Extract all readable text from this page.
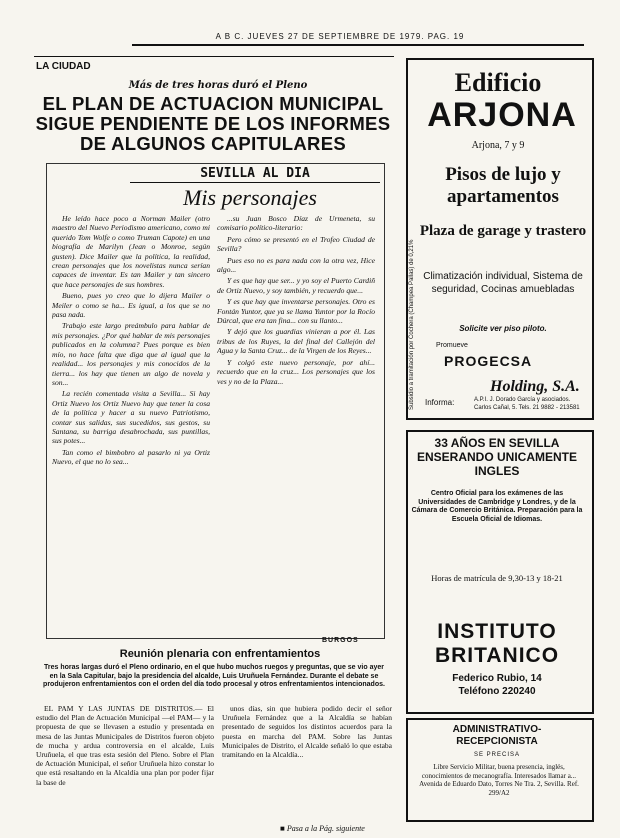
A B C. JUEVES 27 DE SEPTIEMBRE DE 1979. PAG. 19
LA CIUDAD
Más de tres horas duró el Pleno
EL PLAN DE ACTUACION MUNICIPAL SIGUE PENDIENTE DE LOS INFORMES DE ALGUNOS CAPITULARES
SEVILLA AL DIA
Mis personajes

He leído hace poco a Norman Mailer (otro maestro del Nuevo Periodismo americano, como mi querido Tom Wolfe o como Truman Capote) en una biografía de Marilyn (Jean o Monroe, según gusten). Dice Mailer que la política, la realidad, crean personajes que los novelistas nunca serían capaces de inventar. Es tan Mailer y tan sincero que hace personajes de sus hombres.

Bueno, pues yo creo que lo dijera Mailer o Meiler o como se ha... Es igual, a los que se no pasa nada.

Trabajo este largo preámbulo para hablar de mis personajes. ¿Por qué hablar de mis personajes publicados en la columna? Pues porque es bien mío, no hace falta que diga que al igual que la realidad... los personajes y mis conocidos de la tierra... los hay que tienen un algo de novela y son...

La recién comentada visita a Sevilla... Si hay Ortiz Nuevo los Ortiz Nuevo hay que tener la cosa de la política y hacer a su nuevo Patriotismo, contar sus salidas, sus sucedidos, sus gestos, su Santana, su barriga desabrochada, sus puntillas, sus potes...

Tan como el bimbobro al pasarlo ni ya Ortiz Nuevo, el que no lo sea...

...su Juan Bosco Díaz de Urmeneta, su comisario político-literario:

Pero cómo se presentó en el Trofeo Ciudad de Sevilla?

Pues eso no es para nada con la otra vez, Hice algo...

Y es que hay que ser... y yo soy el Puerto Cardiñ de Ortiz Nuevo, y soy también, y recuerdo que...

Y es que hay que inventarse personajes. Otro es Fontán Yuntor, que ya se llama Yuntor por la Rocío Dúrcal, que era tan fina... con su llanto...

Y dejó que los guardias vinieran a por él. Las tribus de los Ruyes, la del final del Callejón del Agua y la Santa Cruz... de la Virgen de los Reyes...

Y colgó este nuevo personaje, por ahí... recuerdo que en la cruz... Los personajes que los ves y no de la Plaza...

BURGOS
Reunión plenaria con enfrentamientos
Tres horas largas duró el Pleno ordinario, en el que hubo muchos ruegos y preguntas, que se vio ayer en la Sala Capitular, bajo la presidencia del alcalde, Luis Uruñuela Fernández. Durante el debate se produjeron enfrentamientos con el orden del día todo procesal y otros enfrentamientos intencionados.

EL PAM Y LAS JUNTAS DE DISTRITOS.— El estudio del Plan de Actuación Municipal —el PAM— y la propuesta de que se llevasen a estudio y presentada en mesa de las Juntas Municipales de Distritos fueron objeto de mucha y ardua controversia en el alcalde, Luis Uruñuela, el que tras esta sesión del Pleno. Sobre el Plan de Actuación Municipal, el señor Uruñuela hizo constar lo que está resaltando en la Alcaldía una plan por poder fijar la base de

unos días, sin que hubiera podido decir el señor Uruñuela Fernández que a la Alcaldía se habían presentado de seguidos los distintos acuerdos para la puesta en marcha del PAM. Sobre las Juntas Municipales de Distrito, el Alcalde señaló lo que estaba tramitando en la Alcaldía...

■ Pasa a la Pág. siguiente
Subsidio a tramitación por Cochera (Champea Pallas) de 0,21%
Edificio
ARJONA
Arjona, 7 y 9
Pisos de lujo y apartamentos
Plaza de garage y trastero
Climatización individual, Sistema de seguridad, Cocinas amuebladas
Solicite ver piso piloto.
Promueve
PROGECSA
Holding, S.A.
Informa:	A.P.I. J. Dorado García y asociados. Carlos Cañal, 5. Tels. 21 9882 - 213581
33 AÑOS EN SEVILLA ENSERANDO UNICAMENTE INGLES
Centro Oficial para los exámenes de las Universidades de Cambridge y Londres, y de la Cámara de Comercio Británica. Preparación para la Escuela Oficial de Idiomas.
Horas de matrícula de 9,30-13 y 18-21
INSTITUTO BRITANICO
Federico Rubio, 14
Teléfono 220240
ADMINISTRATIVO-RECEPCIONISTA
SE PRECISA
Libre Servicio Militar, buena presencia, inglés, conocimientos de mecanografía. Interesados llamar a... Avenida de Eduardo Dato, Torres Ne Tra. 2, Sevilla. Ref. 299/A2
